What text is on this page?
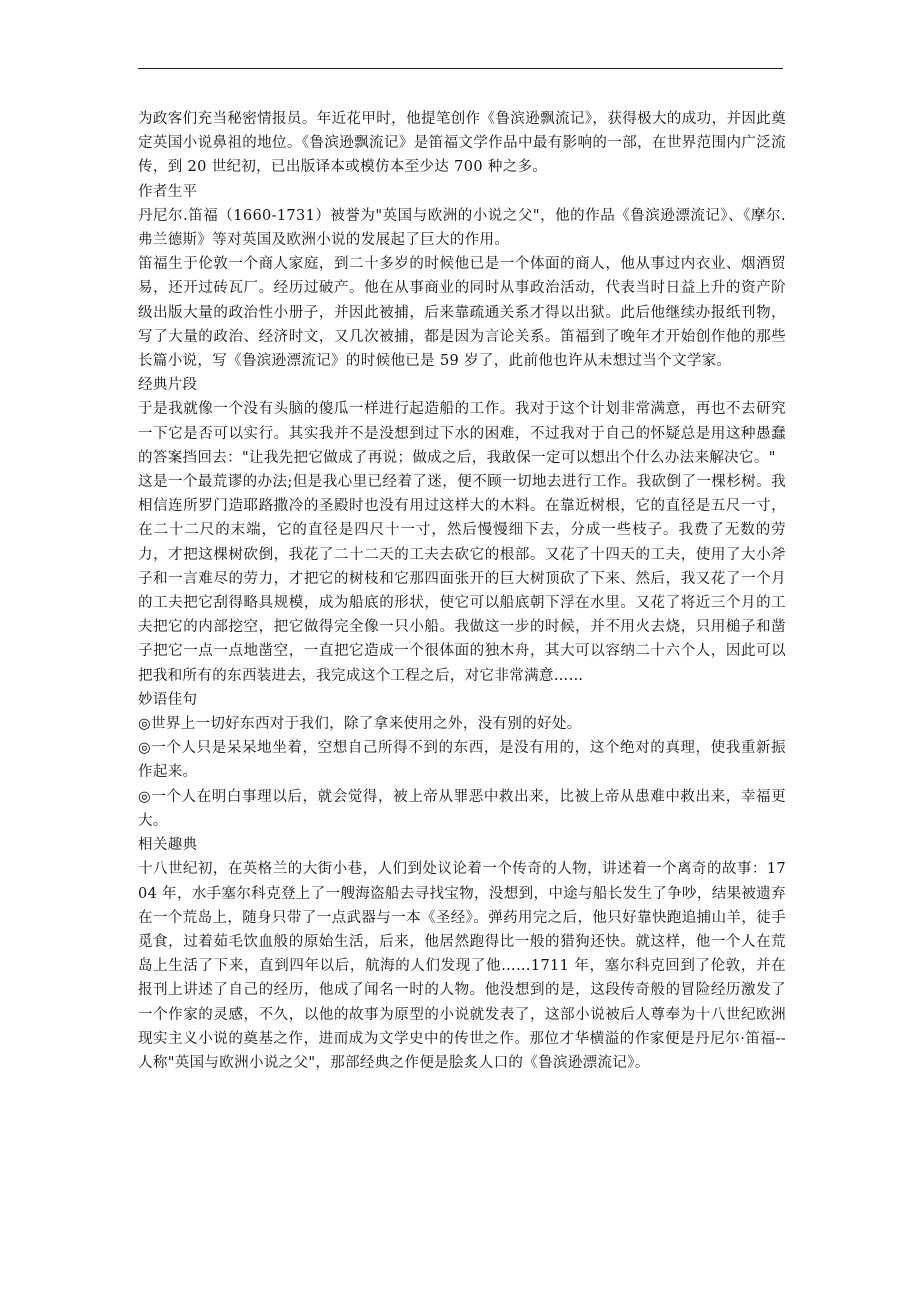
为政客们充当秘密情报员。年近花甲时，他提笔创作《鲁滨逊飘流记》，获得极大的成功，并因此奠定英国小说鼻祖的地位。《鲁滨逊飘流记》是笛福文学作品中最有影响的一部，在世界范围内广泛流传，到 20 世纪初，已出版译本或模仿本至少达 700 种之多。

作者生平

丹尼尔.笛福（1660-1731）被誉为"英国与欧洲的小说之父"，他的作品《鲁滨逊漂流记》、《摩尔.弗兰德斯》等对英国及欧洲小说的发展起了巨大的作用。

笛福生于伦敦一个商人家庭，到二十多岁的时候他已是一个体面的商人，他从事过内衣业、烟酒贸易，还开过砖瓦厂。经历过破产。他在从事商业的同时从事政治活动，代表当时日益上升的资产阶级出版大量的政治性小册子，并因此被捕，后来靠疏通关系才得以出狱。此后他继续办报纸刊物，写了大量的政治、经济时文，又几次被捕，都是因为言论关系。笛福到了晚年才开始创作他的那些长篇小说，写《鲁滨逊漂流记》的时候他已是 59 岁了，此前他也许从未想过当个文学家。

经典片段

于是我就像一个没有头脑的傻瓜一样进行起造船的工作。我对于这个计划非常满意，再也不去研究一下它是否可以实行。其实我并不是没想到过下水的困难，不过我对于自己的怀疑总是用这种愚蠢的答案挡回去："让我先把它做成了再说；做成之后，我敢保一定可以想出个什么办法来解决它。"

这是一个最荒谬的办法;但是我心里已经着了迷，便不顾一切地去进行工作。我砍倒了一棵杉树。我相信连所罗门造耶路撒冷的圣殿时也没有用过这样大的木料。在靠近树根，它的直径是五尺一寸，在二十二尺的末端，它的直径是四尺十一寸，然后慢慢细下去，分成一些枝子。我费了无数的劳力，才把这棵树砍倒，我花了二十二天的工夫去砍它的根部。又花了十四天的工夫，使用了大小斧子和一言难尽的劳力，才把它的树枝和它那四面张开的巨大树顶砍了下来、然后，我又花了一个月的工夫把它刮得略具规模，成为船底的形状，使它可以船底朝下浮在水里。又花了将近三个月的工夫把它的内部挖空，把它做得完全像一只小船。我做这一步的时候，并不用火去烧，只用槌子和凿子把它一点一点地凿空，一直把它造成一个很体面的独木舟，其大可以容纳二十六个人，因此可以把我和所有的东西装进去，我完成这个工程之后，对它非常满意……

妙语佳句

◎世界上一切好东西对于我们，除了拿来使用之外，没有别的好处。

◎一个人只是呆呆地坐着，空想自己所得不到的东西，是没有用的，这个绝对的真理，使我重新振作起来。

◎一个人在明白事理以后，就会觉得，被上帝从罪恶中救出来，比被上帝从患难中救出来，幸福更大。

相关趣典

十八世纪初，在英格兰的大街小巷，人们到处议论着一个传奇的人物，讲述着一个离奇的故事：1704 年，水手塞尔科克登上了一艘海盗船去寻找宝物，没想到，中途与船长发生了争吵，结果被遗弃在一个荒岛上，随身只带了一点武器与一本《圣经》。弹药用完之后，他只好靠快跑追捕山羊，徒手觅食，过着茹毛饮血般的原始生活，后来，他居然跑得比一般的猎狗还快。就这样，他一个人在荒岛上生活了下来，直到四年以后，航海的人们发现了他……1711 年，塞尔科克回到了伦敦，并在报刊上讲述了自己的经历，他成了闻名一时的人物。他没想到的是，这段传奇般的冒险经历激发了一个作家的灵感，不久，以他的故事为原型的小说就发表了，这部小说被后人尊奉为十八世纪欧洲现实主义小说的奠基之作，进而成为文学史中的传世之作。那位才华横溢的作家便是丹尼尔·笛福--人称"英国与欧洲小说之父"，那部经典之作便是脍炙人口的《鲁滨逊漂流记》。
